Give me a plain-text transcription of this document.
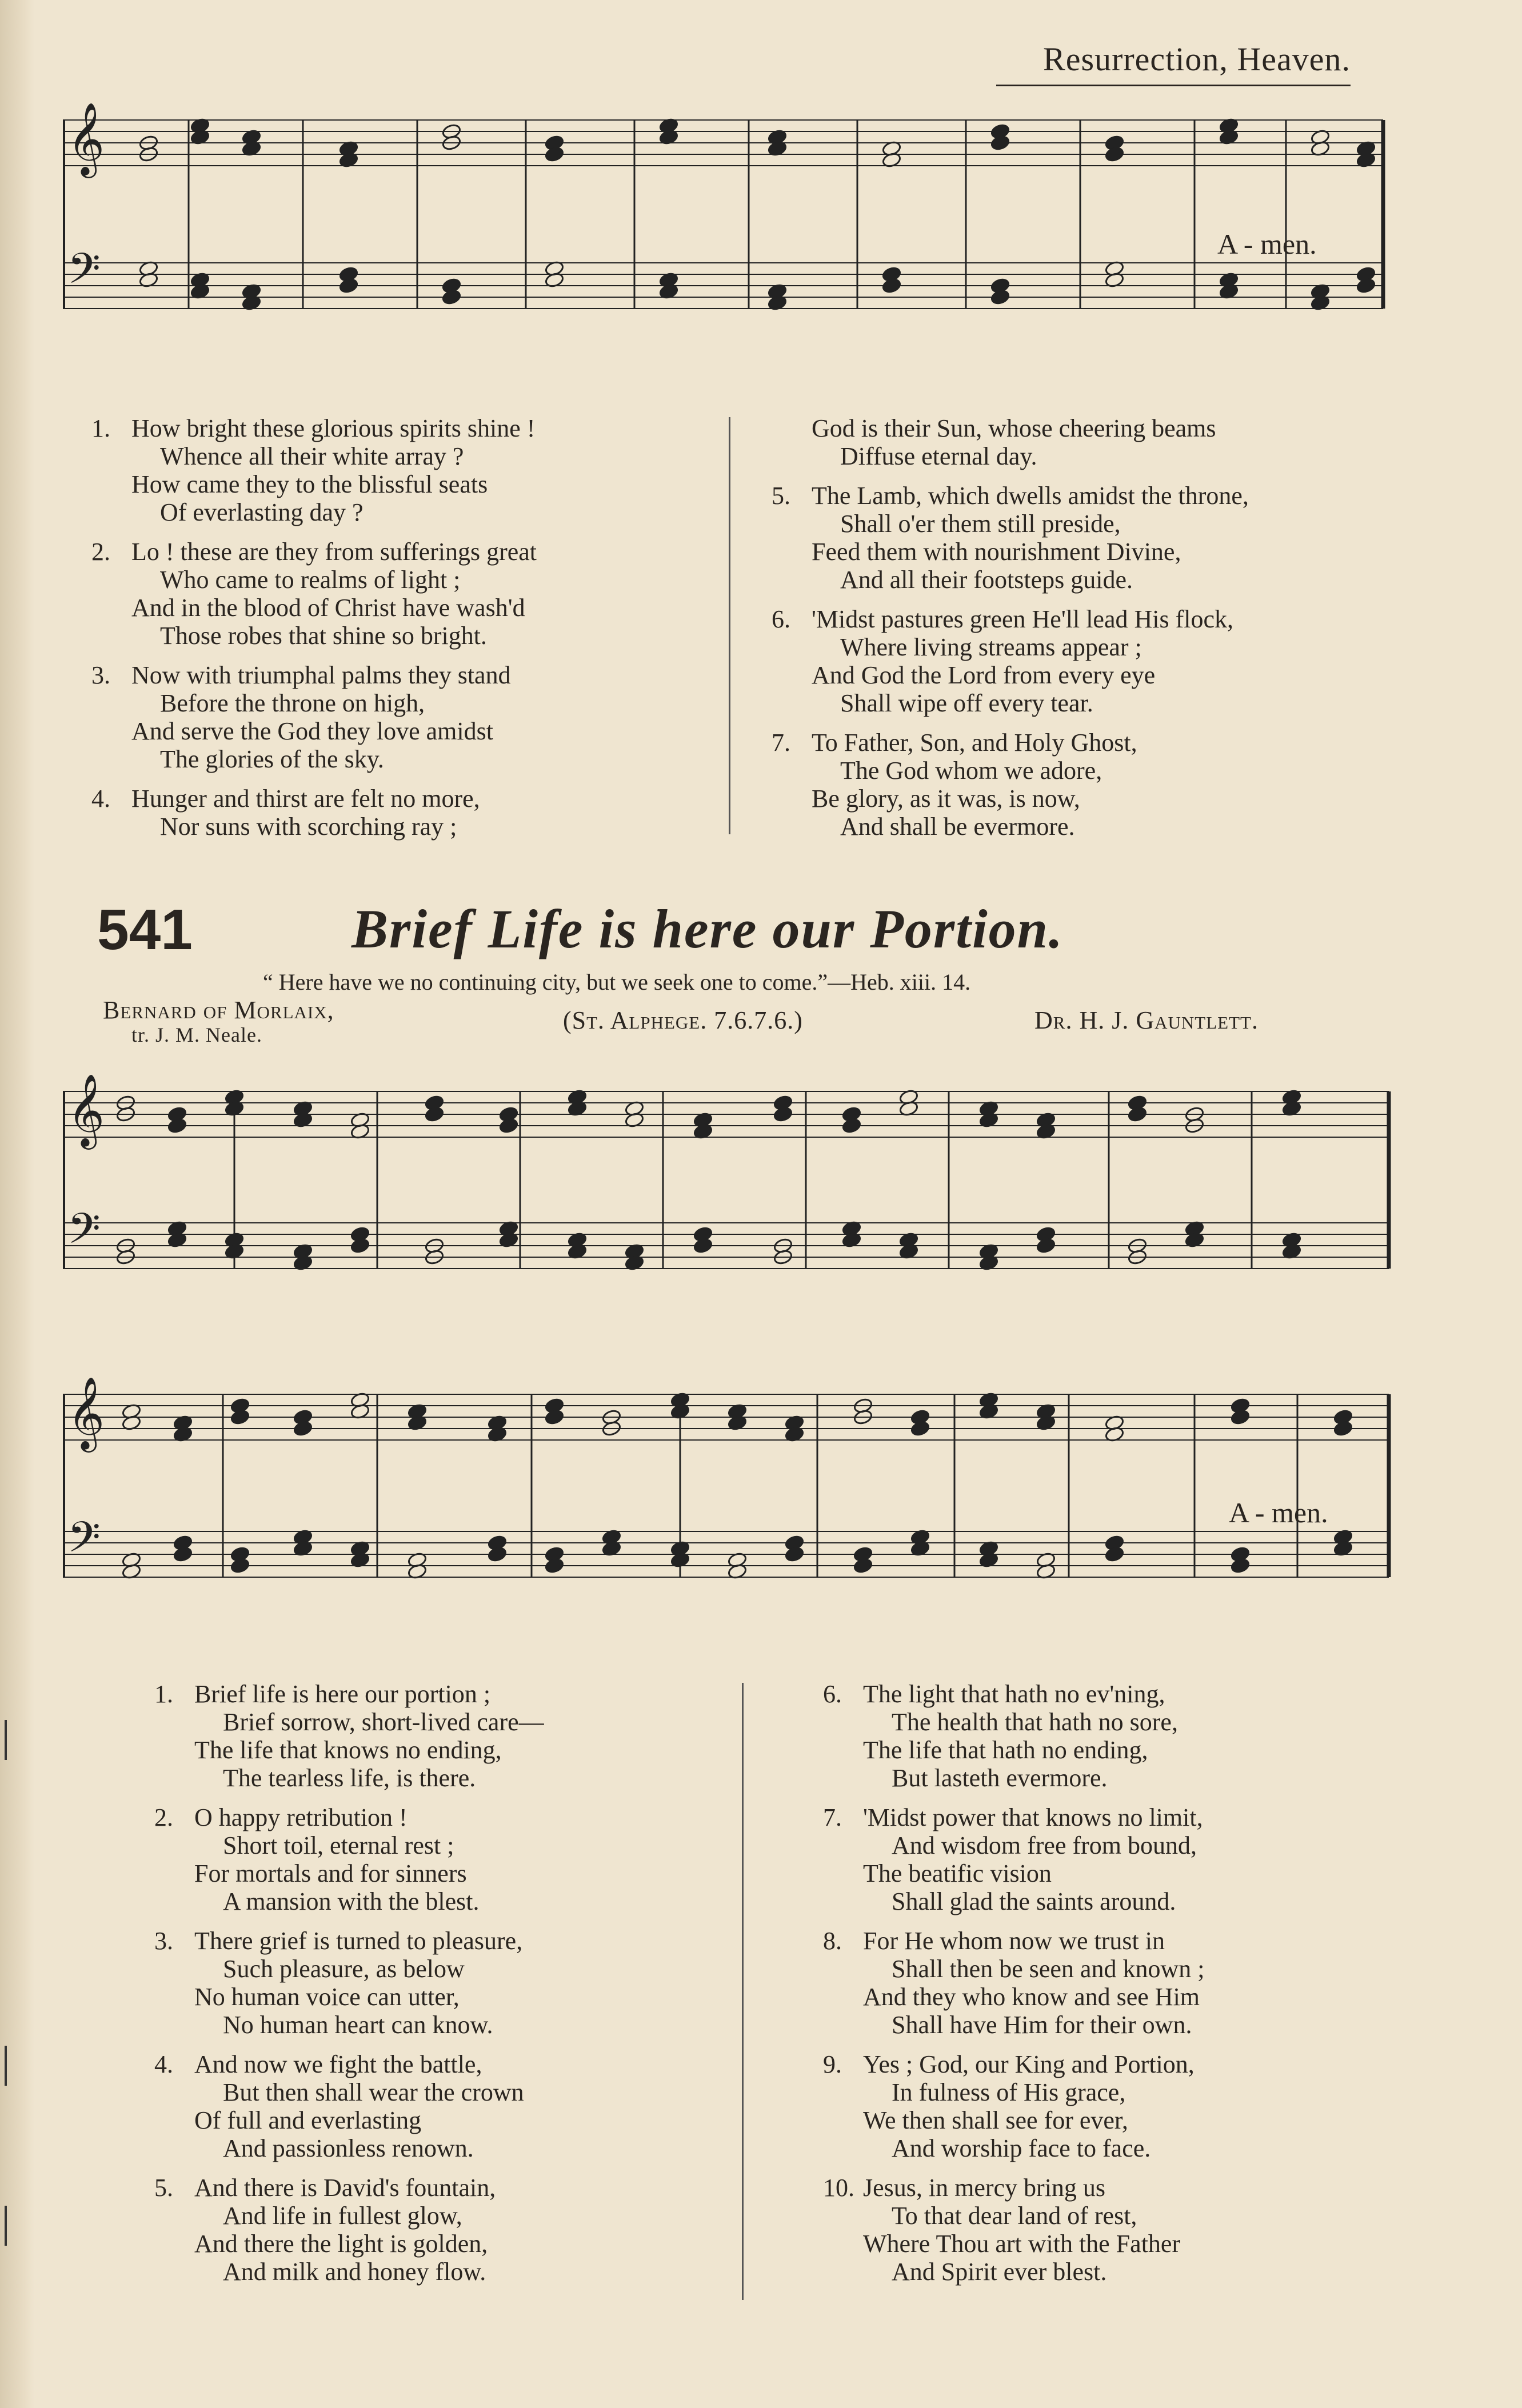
Resurrection, Heaven.
𝄞
𝄢	A - men.
1. How bright these glorious spirits shine !
Whence all their white array ?
How came they to the blissful seats
Of everlasting day ?
2. Lo ! these are they from sufferings great
Who came to realms of light ;
And in the blood of Christ have wash'd
Those robes that shine so bright.
3. Now with triumphal palms they stand
Before the throne on high,
And serve the God they love amidst
The glories of the sky.
4. Hunger and thirst are felt no more,
Nor suns with scorching ray ;
God is their Sun, whose cheering beams
Diffuse eternal day.
5. The Lamb, which dwells amidst the throne,
Shall o'er them still preside,
Feed them with nourishment Divine,
And all their footsteps guide.
6. 'Midst pastures green He'll lead His flock,
Where living streams appear ;
And God the Lord from every eye
Shall wipe off every tear.
7. To Father, Son, and Holy Ghost,
The God whom we adore,
Be glory, as it was, is now,
And shall be evermore.
541	Brief Life is here our Portion.
“ Here have we no continuing city, but we seek one to come.”—Heb. xiii. 14.
Bernard of Morlaix,
tr. J. M. Neale.
(St. Alphege. 7.6.7.6.)	Dr. H. J. Gauntlett.
𝄞
𝄢
𝄞
𝄢	A - men.
1. Brief life is here our portion ;
Brief sorrow, short-lived care—
The life that knows no ending,
The tearless life, is there.
2. O happy retribution !
Short toil, eternal rest ;
For mortals and for sinners
A mansion with the blest.
3. There grief is turned to pleasure,
Such pleasure, as below
No human voice can utter,
No human heart can know.
4. And now we fight the battle,
But then shall wear the crown
Of full and everlasting
And passionless renown.
5. And there is David's fountain,
And life in fullest glow,
And there the light is golden,
And milk and honey flow.
6. The light that hath no ev'ning,
The health that hath no sore,
The life that hath no ending,
But lasteth evermore.
7. 'Midst power that knows no limit,
And wisdom free from bound,
The beatific vision
Shall glad the saints around.
8. For He whom now we trust in
Shall then be seen and known ;
And they who know and see Him
Shall have Him for their own.
9. Yes ; God, our King and Portion,
In fulness of His grace,
We then shall see for ever,
And worship face to face.
10. Jesus, in mercy bring us
To that dear land of rest,
Where Thou art with the Father
And Spirit ever blest.
